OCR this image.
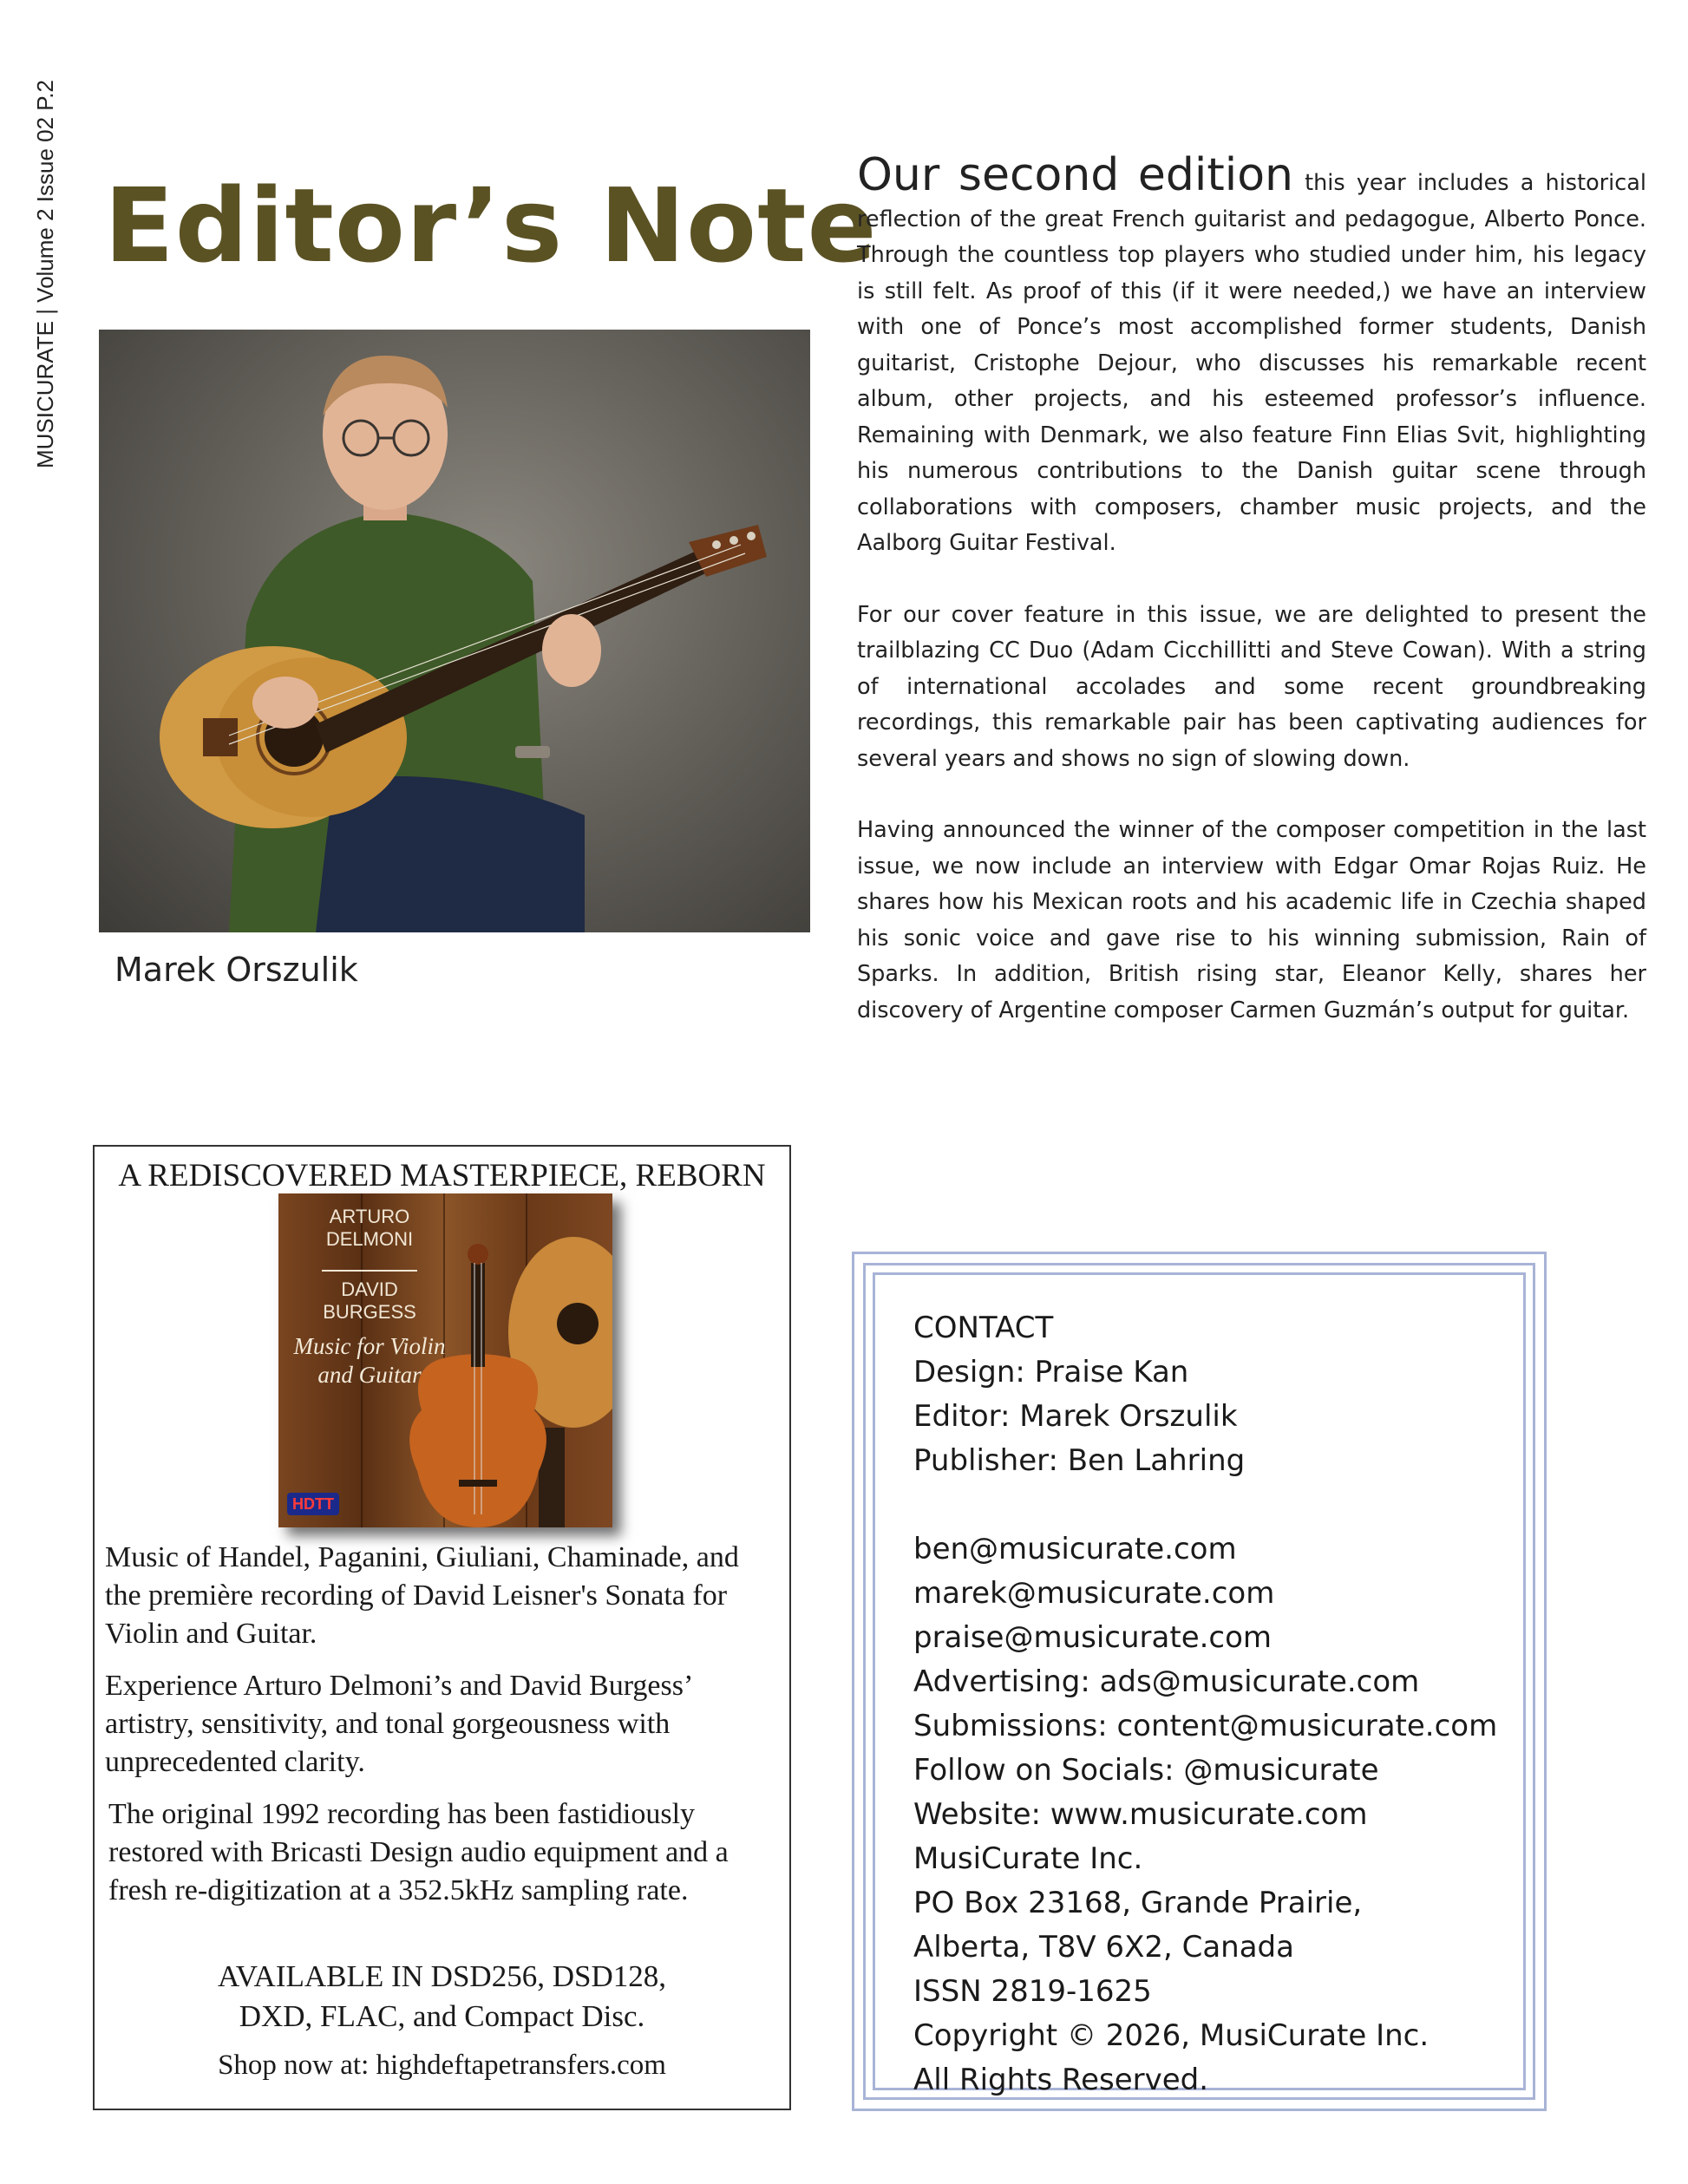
MUSICURATE | Volume 2 Issue 02 P.2 Editor’s Note
Marek Orszulik

Our second edition this year includes a historical reflection of the great French guitarist and pedagogue, Alberto Ponce. Through the countless top players who studied under him, his legacy is still felt. As proof of this (if it were needed,) we have an interview with one of Ponce’s most accomplished former students, Danish guitarist, Cristophe Dejour, who discusses his remarkable recent album, other projects, and his esteemed professor’s influence. Remaining with Denmark, we also feature Finn Elias Svit, highlighting his numerous contributions to the Danish guitar scene through collaborations with composers, chamber music projects, and the Aalborg Guitar Festival.

For our cover feature in this issue, we are delighted to present the trailblazing CC Duo (Adam Cicchillitti and Steve Cowan). With a string of international accolades and some recent groundbreaking recordings, this remarkable pair has been captivating audiences for several years and shows no sign of slowing down.

Having announced the winner of the composer competition in the last issue, we now include an interview with Edgar Omar Rojas Ruiz. He shares how his Mexican roots and his academic life in Czechia shaped his sonic voice and gave rise to his winning submission, Rain of Sparks. In addition, British rising star, Eleanor Kelly, shares her discovery of Argentine composer Carmen Guzmán’s output for guitar.

A REDISCOVERED MASTERPIECE, REBORN
ARTURO
DELMONI
DAVID
BURGESS
Music for Violin
and Guitar
HDTT
Music of Handel, Paganini, Giuliani, Chaminade, and the première recording of David Leisner's Sonata for Violin and Guitar.
Experience Arturo Delmoni’s and David Burgess’ artistry, sensitivity, and tonal gorgeousness with unprecedented clarity.
The original 1992 recording has been fastidiously restored with Bricasti Design audio equipment and a fresh re-digitization at a 352.5kHz sampling rate.
AVAILABLE IN DSD256, DSD128,
DXD, FLAC, and Compact Disc.
Shop now at: highdeftapetransfers.com
CONTACT
Design: Praise Kan
Editor: Marek Orszulik
Publisher: Ben Lahring
ben@musicurate.com
marek@musicurate.com
praise@musicurate.com
Advertising: ads@musicurate.com
Submissions: content@musicurate.com
Follow on Socials: @musicurate
Website: www.musicurate.com
MusiCurate Inc.
PO Box 23168, Grande Prairie,
Alberta, T8V 6X2, Canada
ISSN 2819-1625
Copyright © 2026, MusiCurate Inc.
All Rights Reserved.
